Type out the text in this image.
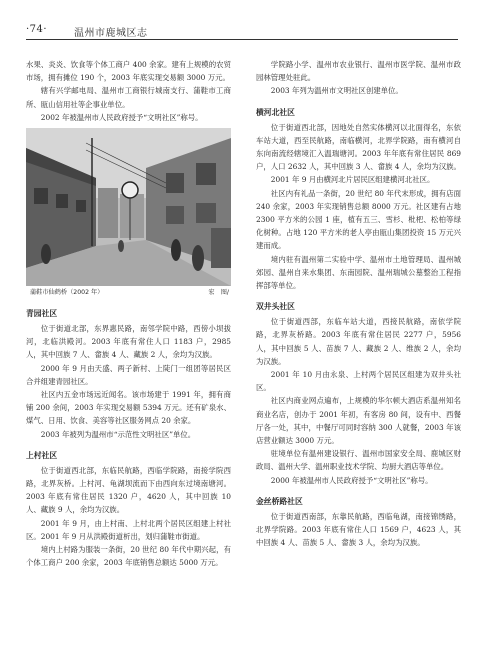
·74·	温州市鹿城区志

水果、炎炎、饮食等个体工商户 400 余家。建有上规模的农贸市场，拥有摊位 190 个，2003 年底实现交易额 3000 万元。

辖有兴学邮电局、温州市工商银行城南支行、蒲鞋市工商所、瓯山信用社等企事业单位。

2002 年被温州市人民政府授予“文明社区”称号。

蒲鞋市仙鹤桥（2002 年）	宏　图/
青园社区

位于街道北部，东界惠民路，南邻学院中路，西傍小坝拔河，北临洪殿河。2003 年底有常住人口 1183 户，2985 人，其中回族 7 人、畲族 4 人、藏族 2 人，余均为汉族。

2000 年 9 月由天盛、两子新村、上陡门一组团等居民区合并组建青园社区。

社区内五金市场远近闻名。该市场建于 1991 年，拥有商铺 200 余间，2003 年实现交易额 5394 万元。还有矿泉水、煤气、日用、饮食、美容等社区服务网点 20 余家。

2003 年被列为温州市“示范性文明社区”单位。

上村社区

位于街道西北部，东临民航路，西临学院路，南接学院西路，北界灰桥。上村河、龟湖坝流而下由西向东过境南塘河。2003 年底有常住居民 1320 户，4620 人，其中回族 10 人、藏族 9 人，余均为汉族。

2001 年 9 月，由上村南、上村北两个居民区组建上村社区。2001 年 9 月从洪殿街道析出，划归蒲鞋市街道。

境内上村路为服装一条街，20 世纪 80 年代中期兴起，有个体工商户 200 余家，2003 年底销售总额达 5000 万元。

学院路小学、温州市农业银行、温州市医学院、温州市政园林管理处驻此。

2003 年列为温州市文明社区创建单位。

横河北社区

位于街道西北部，因地处自然实体横河以北面得名，东依车站大道，西至民航路，南临横河，北界学院路，南有横河自东向南流经辖境汇入温瑞塘河。2003 年年底有常住居民 869 户，人口 2632 人，其中回族 3 人、畲族 4 人，余均为汉族。

2001 年 9 月由横河北片居民区组建横河北社区。

社区内有礼品一条街，20 世纪 80 年代末形成，拥有店面 240 余家，2003 年实现销售总额 8000 万元。社区建有占地 2300 平方米的公园 1 座，植有五三、雪杉、枇杷、松柏等绿化树种。占地 120 平方米的老人亭由瓯山集团投资 15 万元兴建而成。

境内驻有温州第二实验中学、温州市土地管理局、温州城郊园、温州自来水集团、东南园院、温州瑞城公墓整治工程指挥部等单位。

双井头社区

位于街道西部，东临车站大道，西接民航路，南依学院路，北界灰桥路。2003 年底有常住居民 2277 户，5956 人，其中回族 5 人、苗族 7 人、藏族 2 人、维族 2 人，余均为汉族。

2001 年 10 月由永泉、上村两个居民区组建为双井头社区。

社区内商业网点遍布，上规模的华尔顿大酒店系温州知名商业名店，创办于 2001 年初，有客房 80 间，设有中、西餐厅各一处，其中，中餐厅可同时容纳 300 人就餐，2003 年该店营业额达 3000 万元。

驻境单位有温州建设银行、温州市国家安全局、鹿城区财政局、温州大学、温州职业技术学院、均厨大酒店等单位。

2000 年被温州市人民政府授予“文明社区”称号。

金丝桥路社区

位于街道西南部，东靠民航路，西临龟湖，南接锦绣路，北界学院路。2003 年底有常住人口 1569 户，4623 人，其中回族 4 人、苗族 5 人、畲族 3 人，余均为汉族。
